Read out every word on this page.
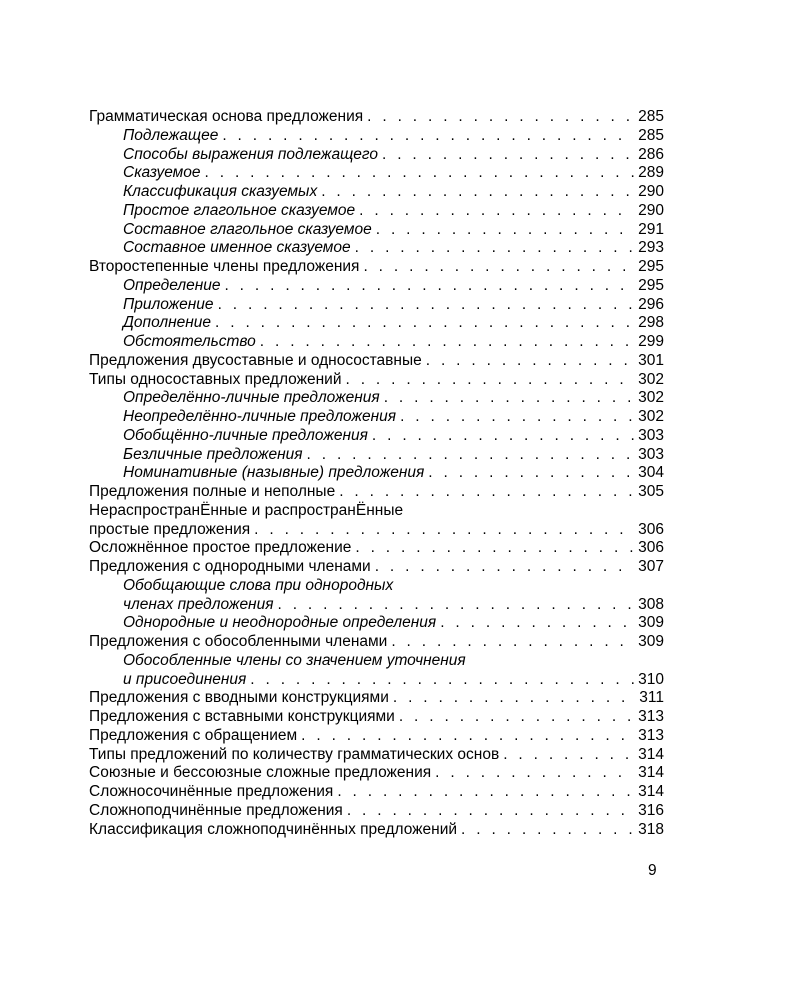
Грамматическая основа предложения . . .	285
Подлежащее . . .	285
Способы выражения подлежащего . . .	286
Сказуемое . . .	289
Классификация сказуемых . . .	290
Простое глагольное сказуемое . . .	290
Составное глагольное сказуемое . . .	291
Составное именное сказуемое . . .	293
Второстепенные члены предложения . . .	295
Определение . . .	295
Приложение . . .	296
Дополнение . . .	298
Обстоятельство . . .	299
Предложения двусоставные и односоставные . . .	301
Типы односоставных предложений . . .	302
Определённо-личные предложения . . .	302
Неопределённо-личные предложения . . .	302
Обобщённо-личные предложения . . .	303
Безличные предложения . . .	303
Номинативные (назывные) предложения . . .	304
Предложения полные и неполные . . .	305
НераспространЁнные и распространЁнные
простые предложения . . .	306
Осложнённое простое предложение . . .	306
Предложения с однородными членами . . .	307
Обобщающие слова при однородных
членах предложения . . .	308
Однородные и неоднородные определения . . .	309
Предложения с обособленными членами . . .	309
Обособленные члены со значением уточнения
и присоединения . . .	310
Предложения с вводными конструкциями . . .	311
Предложения с вставными конструкциями . . .	313
Предложения с обращением . . .	313
Типы предложений по количеству грамматических основ . . .	314
Союзные и бессоюзные сложные предложения . . .	314
Сложносочинённые предложения . . .	314
Сложноподчинённые предложения . . .	316
Классификация сложноподчинённых предложений . . .	318
9
